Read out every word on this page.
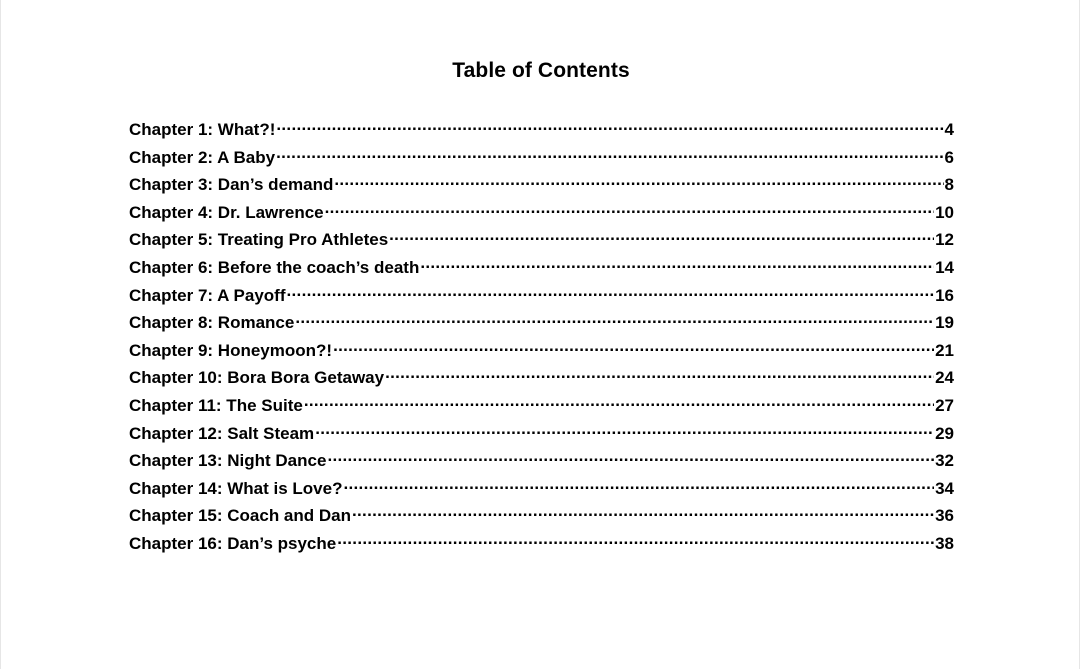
Table of Contents
Chapter 1: What?! .....	4
Chapter 2: A Baby .....	6
Chapter 3: Dan’s demand .....	8
Chapter 4: Dr. Lawrence .....	10
Chapter 5: Treating Pro Athletes .....	12
Chapter 6: Before the coach’s death .....	14
Chapter 7: A Payoff .....	16
Chapter 8: Romance .....	19
Chapter 9: Honeymoon?! .....	21
Chapter 10: Bora Bora Getaway .....	24
Chapter 11: The Suite .....	27
Chapter 12: Salt Steam .....	29
Chapter 13: Night Dance .....	32
Chapter 14: What is Love? .....	34
Chapter 15: Coach and Dan .....	36
Chapter 16: Dan’s psyche .....	38
